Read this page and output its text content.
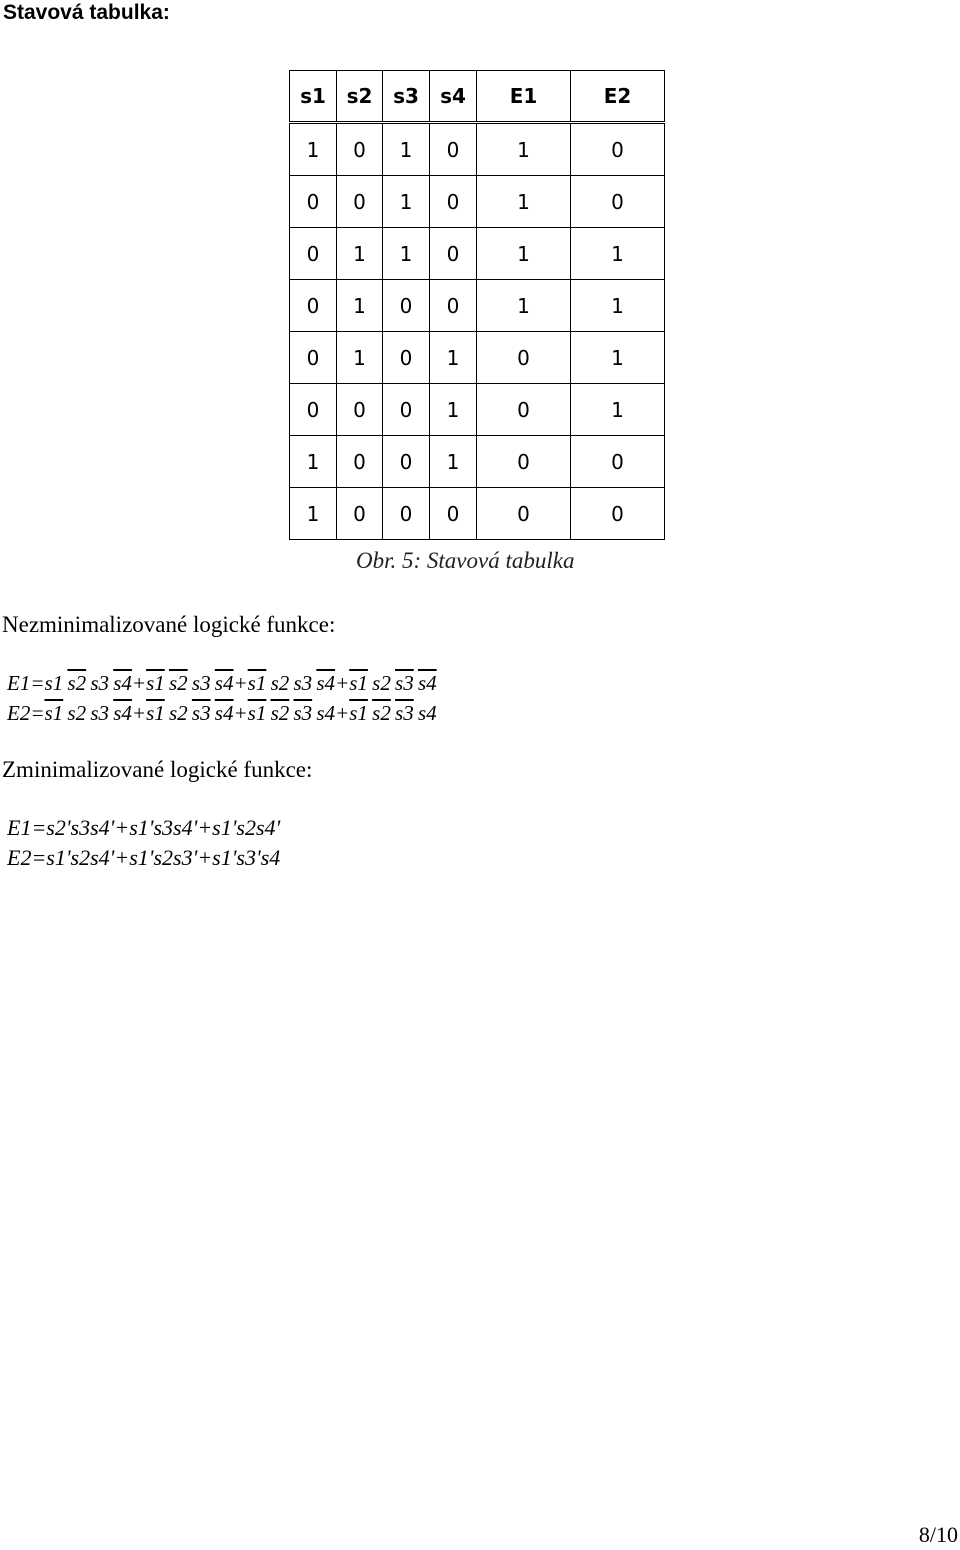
Stavová tabulka:
s1	s2	s3	s4	E1	E2
1	0	1	0	1	0
0	0	1	0	1	0
0	1	1	0	1	1
0	1	0	0	1	1
0	1	0	1	0	1
0	0	0	1	0	1
1	0	0	1	0	0
1	0	0	0	0	0
Obr. 5: Stavová tabulka
Nezminimalizované logické funkce:
E1=s1  s2  s3  s4+s1  s2  s3  s4+s1  s2  s3  s4+s1  s2  s3  s4
E2=s1  s2  s3  s4+s1  s2  s3  s4+s1  s2  s3  s4+s1  s2  s3  s4
Zminimalizované logické funkce:
E1=s2's3s4'+s1's3s4'+s1's2s4'
E2=s1's2s4'+s1's2s3'+s1's3's4
8/10
